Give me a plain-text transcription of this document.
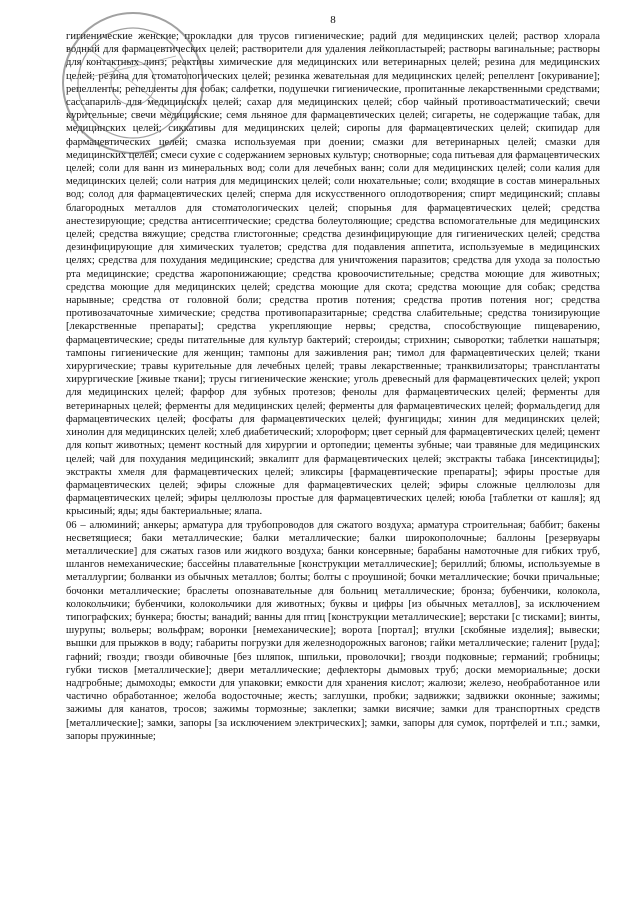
8

гигиенические женские; прокладки для трусов гигиенические; радий для медицинских целей; раствор хлорала водный для фармацевтических целей; растворители для удаления лейкопластырей; растворы вагинальные; растворы для контактных линз; реактивы химические для медицинских или ветеринарных целей; резина для медицинских целей; резина для стоматологических целей; резинка жевательная для медицинских целей; репеллент [окуривание]; репелленты; репелленты для собак; салфетки, подушечки гигиенические, пропитанные лекарственными средствами; сассапариль для медицинских целей; сахар для медицинских целей; сбор чайный противоастматический; свечи курительные; свечи медицинские; семя льняное для фармацевтических целей; сигареты, не содержащие табак, для медицинских целей; сиккативы для медицинских целей; сиропы для фармацевтических целей; скипидар для фармацевтических целей; смазка используемая при доении; смазки для ветеринарных целей; смазки для медицинских целей; смеси сухие с содержанием зерновых культур; снотворные; сода питьевая для фармацевтических целей; соли для ванн из минеральных вод; соли для лечебных ванн; соли для медицинских целей; соли калия для медицинских целей; соли натрия для медицинских целей; соли нюхательные; соли; входящие в состав минеральных вод; солод для фармацевтических целей; сперма для искусственного оплодотворения; спирт медицинский; сплавы благородных металлов для стоматологических целей; спорынья для фармацевтических целей; средства анестезирующие; средства антисептические; средства болеутоляющие; средства вспомогательные для медицинских целей; средства вяжущие; средства глистогонные; средства дезинфицирующие для гигиенических целей; средства дезинфицирующие для химических туалетов; средства для подавления аппетита, используемые в медицинских целях; средства для похудания медицинские; средства для уничтожения паразитов; средства для ухода за полостью рта медицинские; средства жаропонижающие; средства кровоочистительные; средства моющие для животных; средства моющие для медицинских целей; средства моющие для скота; средства моющие для собак; средства нарывные; средства от головной боли; средства против потения; средства против потения ног; средства противозачаточные химические; средства противопаразитарные; средства слабительные; средства тонизирующие [лекарственные препараты]; средства укрепляющие нервы; средства, способствующие пищеварению, фармацевтические; среды питательные для культур бактерий; стероиды; стрихнин; сыворотки; таблетки нашатыря; тампоны гигиенические для женщин; тампоны для заживления ран; тимол для фармацевтических целей; ткани хирургические; травы курительные для лечебных целей; травы лекарственные; транквилизаторы; трансплантаты хирургические [живые ткани]; трусы гигиенические женские; уголь древесный для фармацевтических целей; укроп для медицинских целей; фарфор для зубных протезов; фенолы для фармацевтических целей; ферменты для ветеринарных целей; ферменты для медицинских целей; ферменты для фармацевтических целей; формальдегид для фармацевтических целей; фосфаты для фармацевтических целей; фунгициды; хинин для медицинских целей; хинолин для медицинских целей; хлеб диабетический; хлороформ; цвет серный для фармацевтических целей; цемент для копыт животных; цемент костный для хирургии и ортопедии; цементы зубные; чаи травяные для медицинских целей; чай для похудания медицинский; эвкалипт для фармацевтических целей; экстракты табака [инсектициды]; экстракты хмеля для фармацевтических целей; эликсиры [фармацевтические препараты]; эфиры простые для фармацевтических целей; эфиры сложные для фармацевтических целей; эфиры сложные целлюлозы для фармацевтических целей; эфиры целлюлозы простые для фармацевтических целей; ююба [таблетки от кашля]; яд крысиный; яды; яды бактериальные; ялапа.

06 – алюминий; анкеры; арматура для трубопроводов для сжатого воздуха; арматура строительная; баббит; бакены несветящиеся; баки металлические; балки металлические; балки широкополочные; баллоны [резервуары металлические] для сжатых газов или жидкого воздуха; банки консервные; барабаны намоточные для гибких труб, шлангов немеханические; бассейны плавательные [конструкции металлические]; бериллий; блюмы, используемые в металлургии; болванки из обычных металлов; болты; болты с проушиной; бочки металлические; бочки причальные; бочонки металлические; браслеты опознавательные для больниц металлические; бронза; бубенчики, колокола, колокольчики; бубенчики, колокольчики для животных; буквы и цифры [из обычных металлов], за исключением типографских; бункера; бюсты; ванадий; ванны для птиц [конструкции металлические]; верстаки [с тисками]; винты, шурупы; вольеры; вольфрам; воронки [немеханические]; ворота [портал]; втулки [скобяные изделия]; вывески; вышки для прыжков в воду; габариты погрузки для железнодорожных вагонов; гайки металлические; галенит [руда]; гафний; гвозди; гвозди обивочные [без шляпок, шпильки, проволочки]; гвозди подковные; германий; гробницы; губки тисков [металлические]; двери металлические; дефлекторы дымовых труб; доски мемориальные; доски надгробные; дымоходы; емкости для упаковки; емкости для хранения кислот; жалюзи; железо, необработанное или частично обработанное; желоба водосточные; жесть; заглушки, пробки; задвижки; задвижки оконные; зажимы; зажимы для канатов, тросов; зажимы тормозные; заклепки; замки висячие; замки для транспортных средств [металлические]; замки, запоры [за исключением электрических]; замки, запоры для сумок, портфелей и т.п.; замки, запоры пружинные;
